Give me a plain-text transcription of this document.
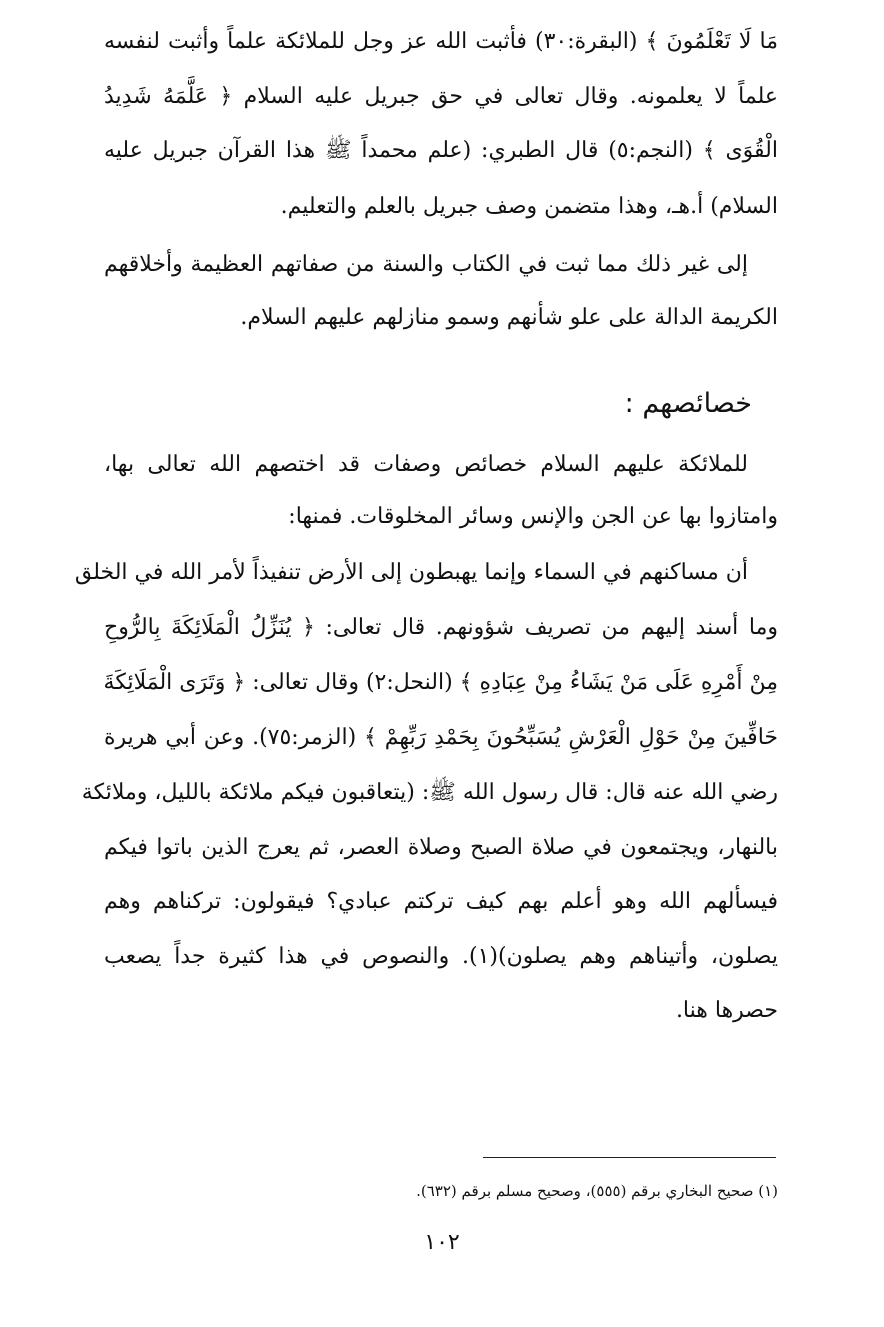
مَا لَا تَعْلَمُونَ ﴾ (البقرة:٣٠) فأثبت الله عز وجل للملائكة علماً وأثبت لنفسه
علماً لا يعلمونه. وقال تعالى في حق جبريل عليه السلام ﴿ عَلَّمَهُ شَدِيدُ
الْقُوَى ﴾ (النجم:٥) قال الطبري: (علم محمداً ﷺ هذا القرآن جبريل عليه
السلام) أ.هـ، وهذا متضمن وصف جبريل بالعلم والتعليم.
إلى غير ذلك مما ثبت في الكتاب والسنة من صفاتهم العظيمة وأخلاقهم
الكريمة الدالة على علو شأنهم وسمو منازلهم عليهم السلام.
خصائصهم :
للملائكة عليهم السلام خصائص وصفات قد اختصهم الله تعالى بها،
وامتازوا بها عن الجن والإنس وسائر المخلوقات. فمنها:
أن مساكنهم في السماء وإنما يهبطون إلى الأرض تنفيذاً لأمر الله في الخلق
وما أسند إليهم من تصريف شؤونهم. قال تعالى: ﴿ يُنَزِّلُ الْمَلَائِكَةَ بِالرُّوحِ
مِنْ أَمْرِهِ عَلَى مَنْ يَشَاءُ مِنْ عِبَادِهِ ﴾ (النحل:٢) وقال تعالى: ﴿ وَتَرَى الْمَلَائِكَةَ
حَافِّينَ مِنْ حَوْلِ الْعَرْشِ يُسَبِّحُونَ بِحَمْدِ رَبِّهِمْ ﴾ (الزمر:٧٥). وعن أبي هريرة
رضي الله عنه قال: قال رسول الله ﷺ: (يتعاقبون فيكم ملائكة بالليل، وملائكة
بالنهار، ويجتمعون في صلاة الصبح وصلاة العصر، ثم يعرج الذين باتوا فيكم
فيسألهم الله وهو أعلم بهم كيف تركتم عبادي؟ فيقولون: تركناهم وهم
يصلون، وأتيناهم وهم يصلون)(١). والنصوص في هذا كثيرة جداً يصعب
حصرها هنا.
(١) صحيح البخاري برقم (٥٥٥)، وصحيح مسلم برقم (٦٣٢).
١٠٢
